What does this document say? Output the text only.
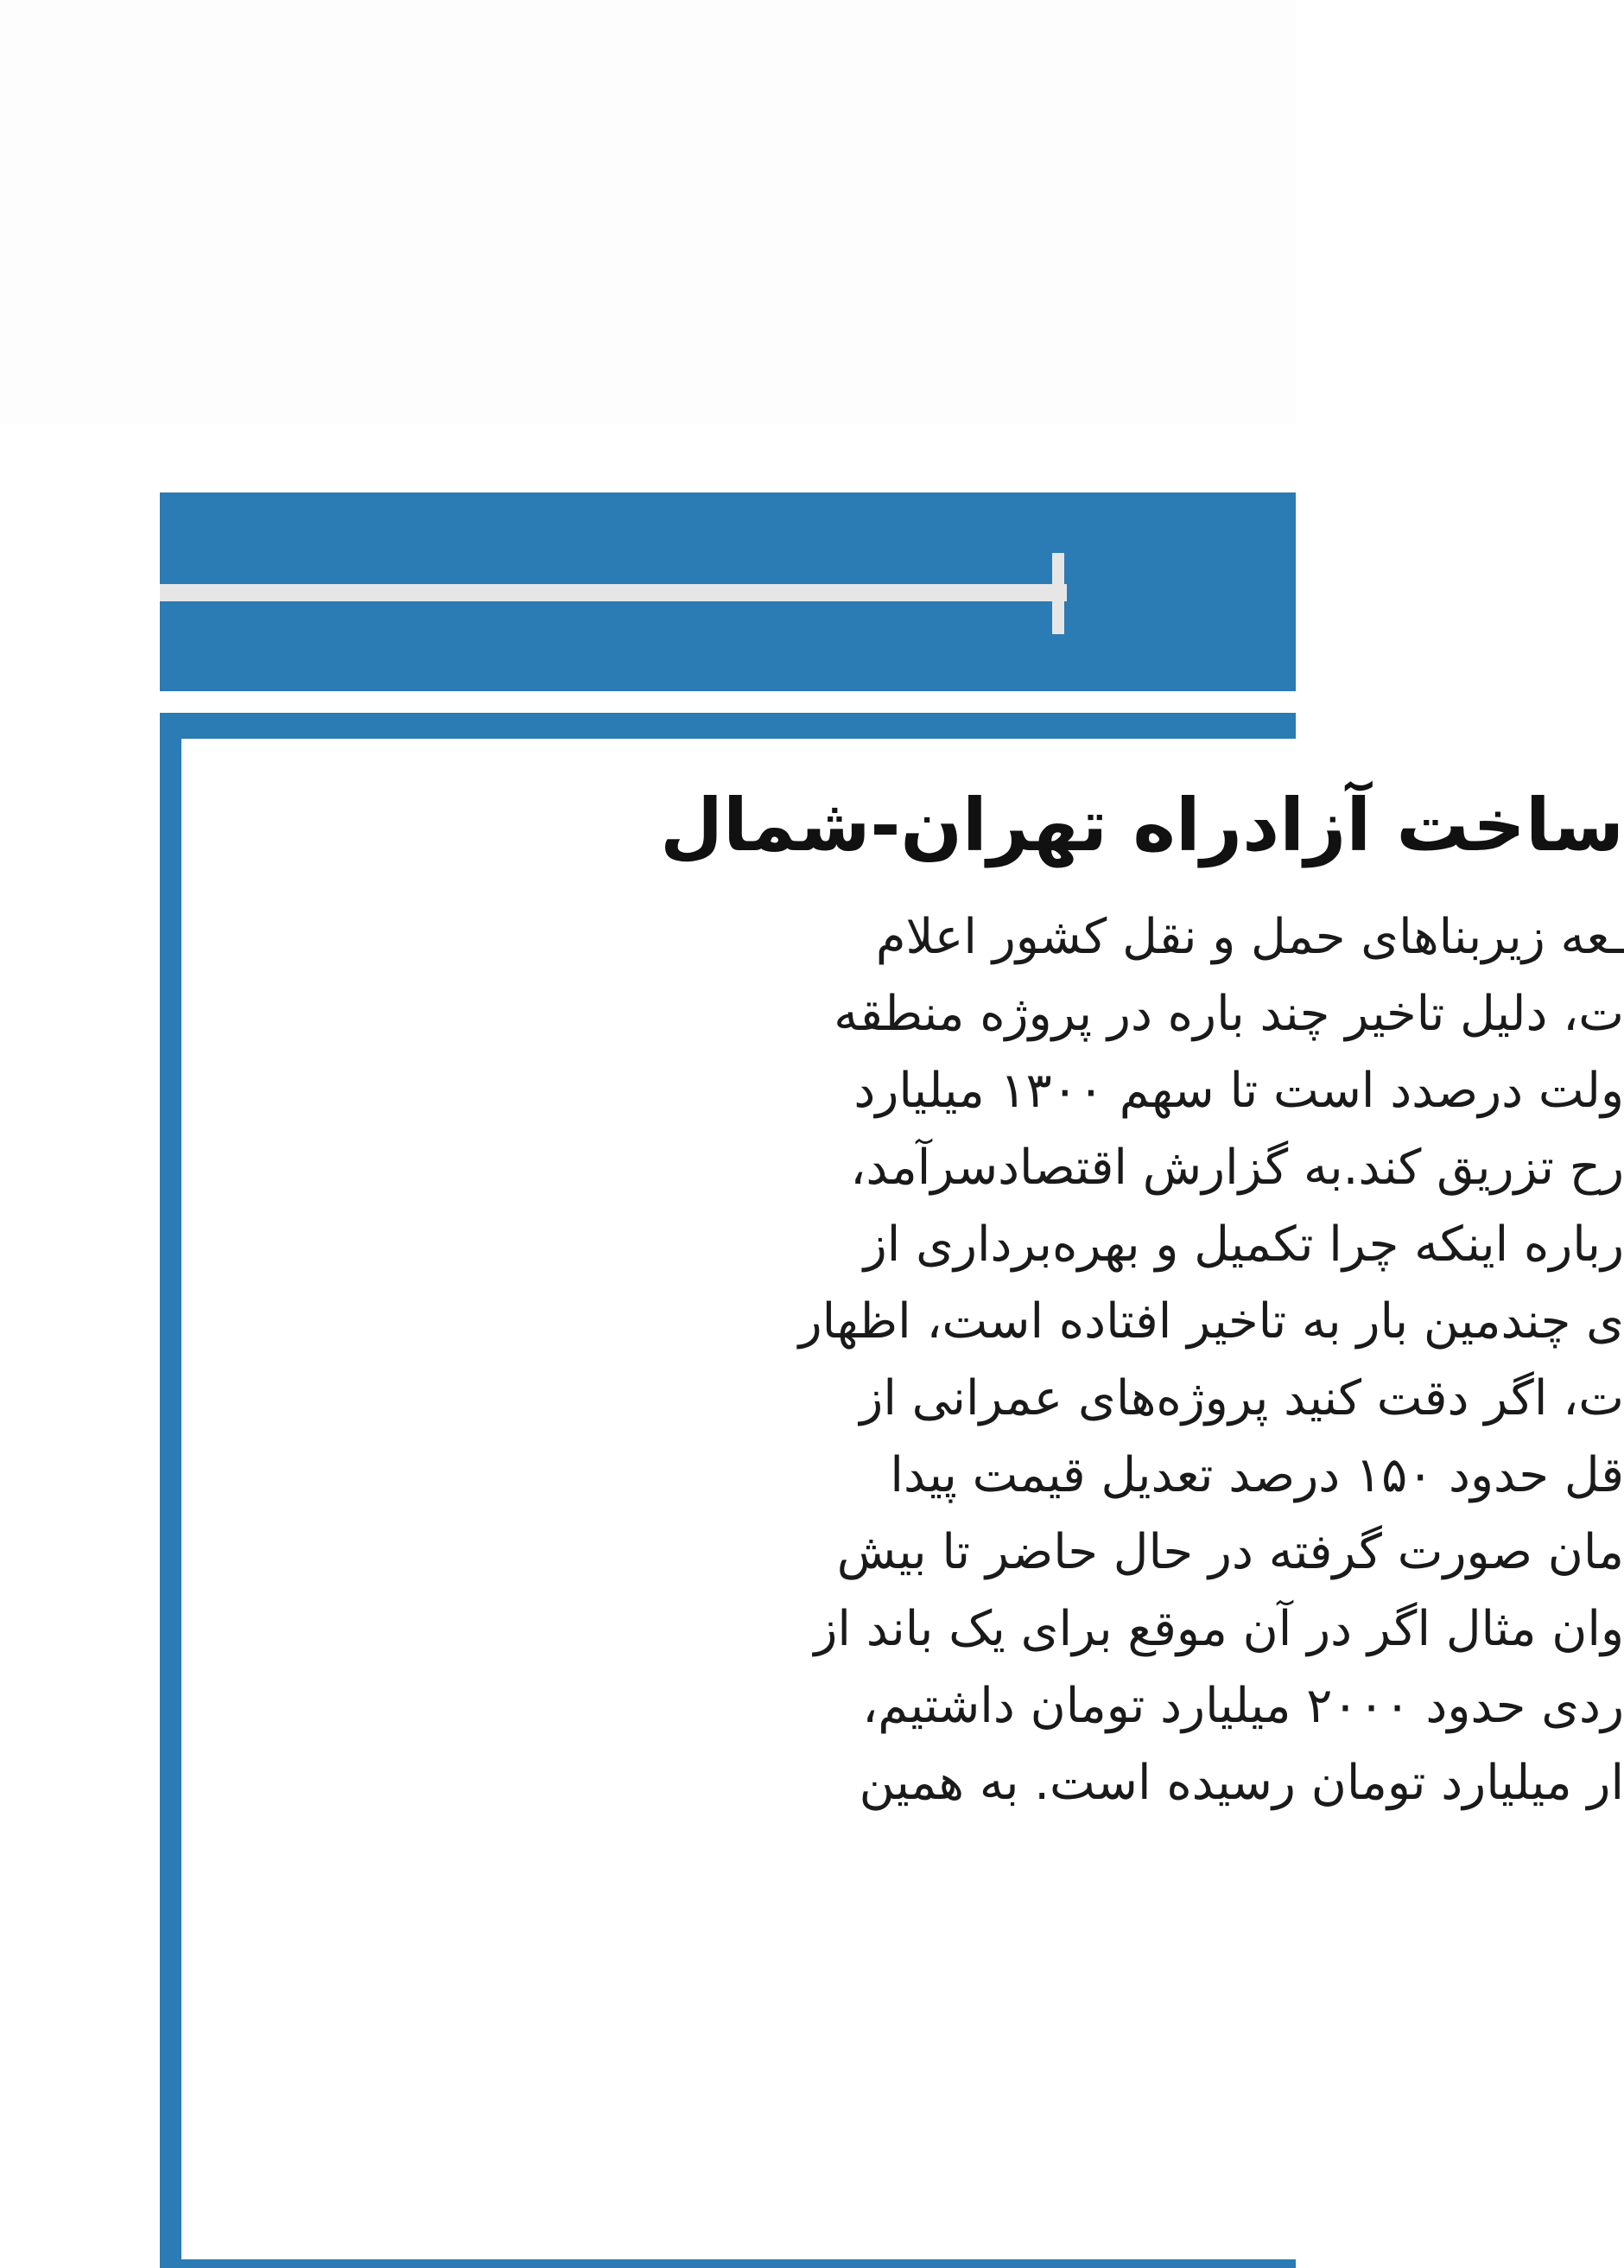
ساخت آزادراه تهران-شمال
ـعه زیربناهای حمل و نقل کشور اعلام
ت، دلیل تاخیر چند باره در پروژه منطقه
ولت درصدد است تا سهم ۱۳۰۰ میلیارد
رح تزریق کند.به گزارش اقتصادسرآمد،
رباره اینکه چرا تکمیل و بهره‌برداری از
ی چندمین بار به تاخیر افتاده است، اظهار
ت، اگر دقت کنید پروژه‌های عمرانی از
قل حدود ۱۵۰ درصد تعدیل قیمت پیدا
مان صورت گرفته در حال حاضر تا بیش
وان مثال اگر در آن موقع برای یک باند از
ردی حدود ۲۰۰۰ میلیارد تومان داشتیم،
ار میلیارد تومان رسیده است. به همین
